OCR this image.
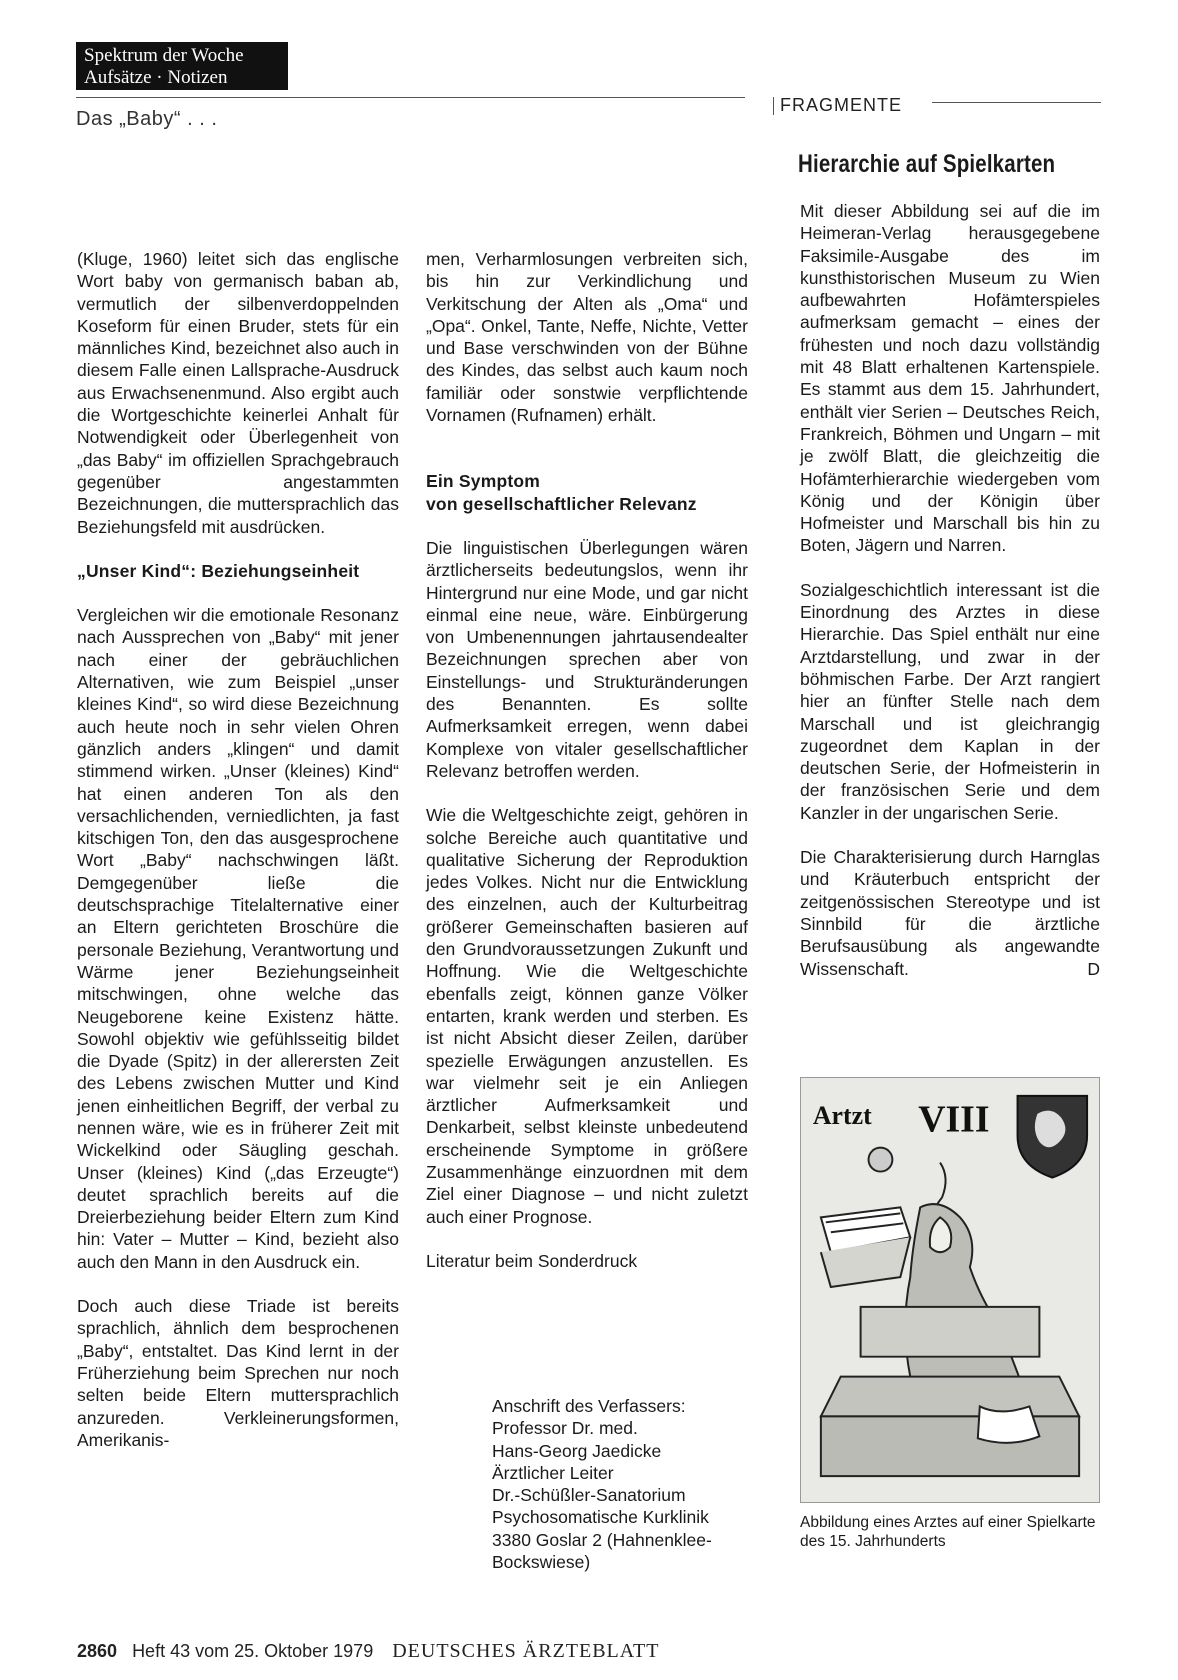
Spektrum der Woche
Aufsätze · Notizen
Das „Baby“ . . .
FRAGMENTE
Hierarchie auf Spielkarten

(Kluge, 1960) leitet sich das englische Wort baby von germanisch baban ab, vermutlich der silbenverdoppelnden Koseform für einen Bruder, stets für ein männliches Kind, bezeichnet also auch in diesem Falle einen Lallsprache-Ausdruck aus Erwachsenenmund. Also ergibt auch die Wortgeschichte keinerlei Anhalt für Notwendigkeit oder Überlegenheit von „das Baby“ im offiziellen Sprachgebrauch gegenüber angestammten Bezeichnungen, die muttersprachlich das Beziehungsfeld mit ausdrücken.

„Unser Kind“: Beziehungseinheit

Vergleichen wir die emotionale Resonanz nach Aussprechen von „Baby“ mit jener nach einer der gebräuchlichen Alternativen, wie zum Beispiel „unser kleines Kind“, so wird diese Bezeichnung auch heute noch in sehr vielen Ohren gänzlich anders „klingen“ und damit stimmend wirken. „Unser (kleines) Kind“ hat einen anderen Ton als den versachlichenden, verniedlichten, ja fast kitschigen Ton, den das ausgesprochene Wort „Baby“ nachschwingen läßt. Demgegenüber ließe die deutschsprachige Titelalternative einer an Eltern gerichteten Broschüre die personale Beziehung, Verantwortung und Wärme jener Beziehungseinheit mitschwingen, ohne welche das Neugeborene keine Existenz hätte. Sowohl objektiv wie gefühlsseitig bildet die Dyade (Spitz) in der allerersten Zeit des Lebens zwischen Mutter und Kind jenen einheitlichen Begriff, der verbal zu nennen wäre, wie es in früherer Zeit mit Wickelkind oder Säugling geschah. Unser (kleines) Kind („das Erzeugte“) deutet sprachlich bereits auf die Dreierbeziehung beider Eltern zum Kind hin: Vater – Mutter – Kind, bezieht also auch den Mann in den Ausdruck ein.

Doch auch diese Triade ist bereits sprachlich, ähnlich dem besprochenen „Baby“, entstaltet. Das Kind lernt in der Früherziehung beim Sprechen nur noch selten beide Eltern muttersprachlich anzureden. Verkleinerungsformen, Amerikanis-

men, Verharmlosungen verbreiten sich, bis hin zur Verkindlichung und Verkitschung der Alten als „Oma“ und „Opa“. Onkel, Tante, Neffe, Nichte, Vetter und Base verschwinden von der Bühne des Kindes, das selbst auch kaum noch familiär oder sonstwie verpflichtende Vornamen (Rufnamen) erhält.

Ein Symptom
von gesellschaftlicher Relevanz

Die linguistischen Überlegungen wären ärztlicherseits bedeutungslos, wenn ihr Hintergrund nur eine Mode, und gar nicht einmal eine neue, wäre. Einbürgerung von Umbenennungen jahrtausendealter Bezeichnungen sprechen aber von Einstellungs- und Strukturänderungen des Benannten. Es sollte Aufmerksamkeit erregen, wenn dabei Komplexe von vitaler gesellschaftlicher Relevanz betroffen werden.

Wie die Weltgeschichte zeigt, gehören in solche Bereiche auch quantitative und qualitative Sicherung der Reproduktion jedes Volkes. Nicht nur die Entwicklung des einzelnen, auch der Kulturbeitrag größerer Gemeinschaften basieren auf den Grundvoraussetzungen Zukunft und Hoffnung. Wie die Weltgeschichte ebenfalls zeigt, können ganze Völker entarten, krank werden und sterben. Es ist nicht Absicht dieser Zeilen, darüber spezielle Erwägungen anzustellen. Es war vielmehr seit je ein Anliegen ärztlicher Aufmerksamkeit und Denkarbeit, selbst kleinste unbedeutend erscheinende Symptome in größere Zusammenhänge einzuordnen mit dem Ziel einer Diagnose – und nicht zuletzt auch einer Prognose.

Literatur beim Sonderdruck

Anschrift des Verfassers:
Professor Dr. med.
Hans-Georg Jaedicke
Ärztlicher Leiter
Dr.-Schüßler-Sanatorium
Psychosomatische Kurklinik
3380 Goslar 2 (Hahnenklee-
Bockswiese)

Mit dieser Abbildung sei auf die im Heimeran-Verlag herausgegebene Faksimile-Ausgabe des im kunsthistorischen Museum zu Wien aufbewahrten Hofämterspieles aufmerksam gemacht – eines der frühesten und noch dazu vollständig mit 48 Blatt erhaltenen Kartenspiele. Es stammt aus dem 15. Jahrhundert, enthält vier Serien – Deutsches Reich, Frankreich, Böhmen und Ungarn – mit je zwölf Blatt, die gleichzeitig die Hofämterhierarchie wiedergeben vom König und der Königin über Hofmeister und Marschall bis hin zu Boten, Jägern und Narren.

Sozialgeschichtlich interessant ist die Einordnung des Arztes in diese Hierarchie. Das Spiel enthält nur eine Arztdarstellung, und zwar in der böhmischen Farbe. Der Arzt rangiert hier an fünfter Stelle nach dem Marschall und ist gleichrangig zugeordnet dem Kaplan in der deutschen Serie, der Hofmeisterin in der französischen Serie und dem Kanzler in der ungarischen Serie.

Die Charakterisierung durch Harnglas und Kräuterbuch entspricht der zeitgenössischen Stereotype und ist Sinnbild für die ärztliche Berufsausübung als angewandte Wissenschaft.	D

Artzt VIII
Abbildung eines Arztes auf einer Spielkarte des 15. Jahrhunderts
2860 Heft 43 vom 25. Oktober 1979 DEUTSCHES ÄRZTEBLATT
